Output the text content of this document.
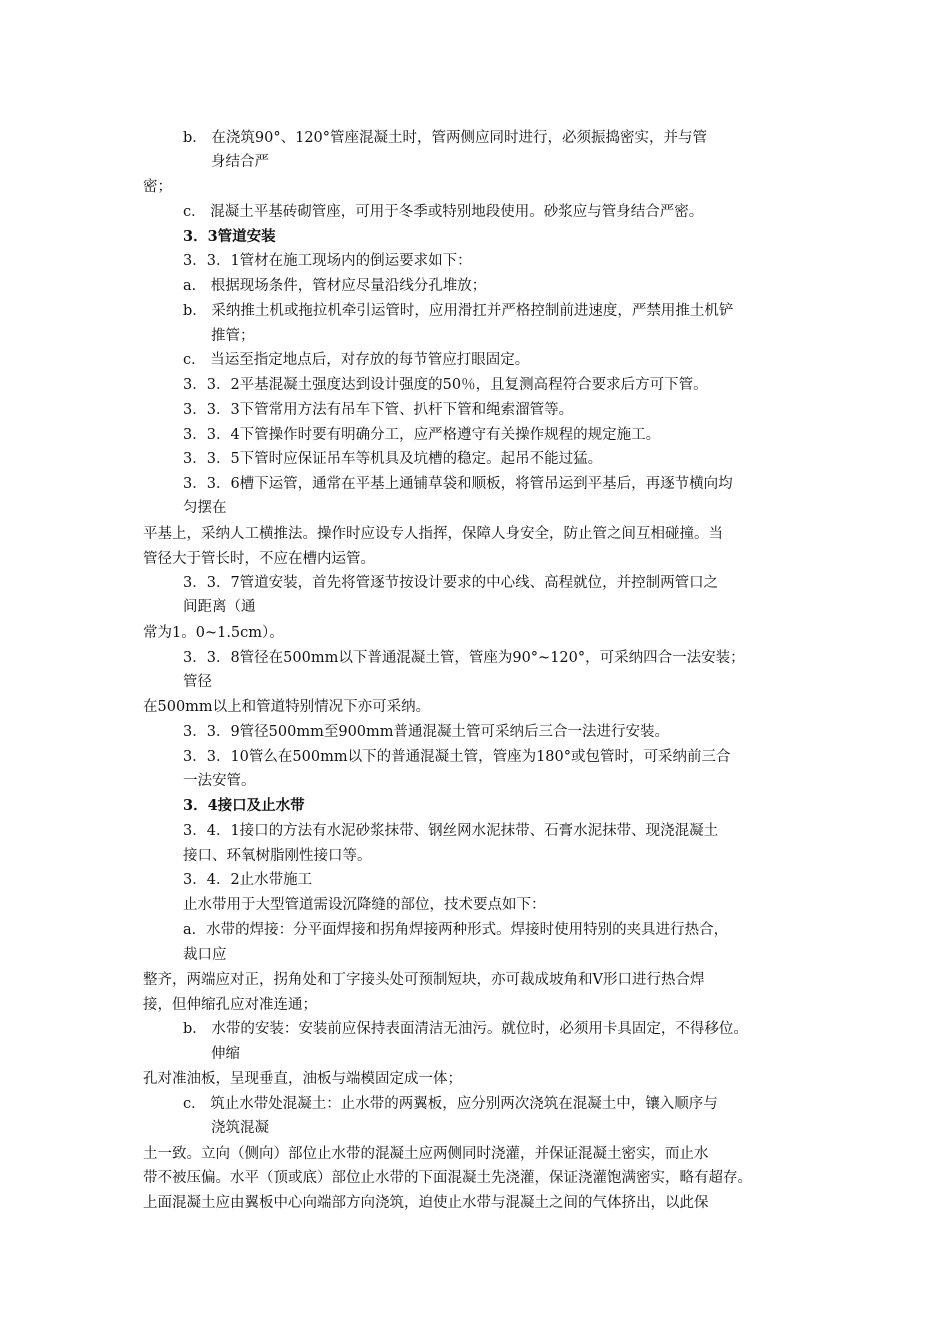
b． 在浇筑90°、120°管座混凝土时，管两侧应同时进行，必须振捣密实，并与管
身结合严
密；
c． 混凝土平基砖砌管座，可用于冬季或特别地段使用。砂浆应与管身结合严密。
3．3管道安装
3．3．1管材在施工现场内的倒运要求如下：
a． 根据现场条件，管材应尽量沿线分孔堆放；
b． 采纳推土机或拖拉机牵引运管时，应用滑扛并严格控制前进速度，严禁用推土机铲
推管；
c． 当运至指定地点后，对存放的每节管应打眼固定。
3．3．2平基混凝土强度达到设计强度的50％，且复测高程符合要求后方可下管。
3．3．3下管常用方法有吊车下管、扒杆下管和绳索溜管等。
3．3．4下管操作时要有明确分工，应严格遵守有关操作规程的规定施工。
3．3．5下管时应保证吊车等机具及坑槽的稳定。起吊不能过猛。
3．3．6槽下运管，通常在平基上通铺草袋和顺板，将管吊运到平基后，再逐节横向均
匀摆在
平基上，采纳人工横推法。操作时应设专人指挥，保障人身安全，防止管之间互相碰撞。当
管径大于管长时，不应在槽内运管。
3．3．7管道安装，首先将管逐节按设计要求的中心线、高程就位，并控制两管口之
间距离（通
常为1。0~1.5cm）。
3．3．8管径在500mm以下普通混凝土管，管座为90°~120°，可采纳四合一法安装；
管径
在500mm以上和管道特别情况下亦可采纳。
3．3．9管径500mm至900mm普通混凝土管可采纳后三合一法进行安装。
3．3．10管么在500mm以下的普通混凝土管，管座为180°或包管时，可采纳前三合
一法安管。
3．4接口及止水带
3．4．1接口的方法有水泥砂浆抹带、钢丝网水泥抹带、石膏水泥抹带、现浇混凝土
接口、环氧树脂刚性接口等。
3．4．2止水带施工
止水带用于大型管道需设沉降缝的部位，技术要点如下：
a．水带的焊接：分平面焊接和拐角焊接两种形式。焊接时使用特别的夹具进行热合，
裁口应
整齐，两端应对正，拐角处和丁字接头处可预制短块，亦可裁成坡角和V形口进行热合焊
接，但伸缩孔应对准连通；
b． 水带的安装：安装前应保持表面清洁无油污。就位时，必须用卡具固定，不得移位。
伸缩
孔对准油板，呈现垂直，油板与端模固定成一体；
c． 筑止水带处混凝土：止水带的两翼板，应分别两次浇筑在混凝土中，镶入顺序与
浇筑混凝
土一致。立向（侧向）部位止水带的混凝土应两侧同时浇灌，并保证混凝土密实，而止水
带不被压偏。水平（顶或底）部位止水带的下面混凝土先浇灌，保证浇灌饱满密实，略有超存。
上面混凝土应由翼板中心向端部方向浇筑，迫使止水带与混凝土之间的气体挤出，以此保
